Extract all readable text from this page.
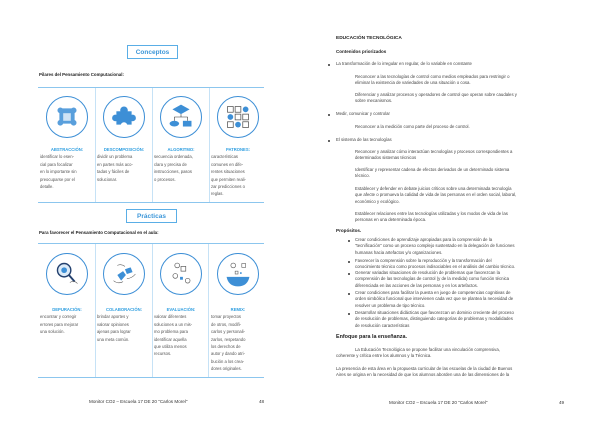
Conceptos
Pilares del Pensamiento Computacional:
ABSTRACCIÓN:
identificar lo esen-
cial para focalizar
en lo importante sin
preocuparse por el
detalle.
DESCOMPOSICIÓN:
dividir un problema
en partes más aco-
tadas y fáciles de
solucionar.
ALGORITMO:
secuencia ordenada,
clara y precisa de
instrucciones, pasos
o procesos.
PATRONES:
características
comunes en dife-
rentes situaciones
que permiten reali-
zar predicciones o
reglas.
Prácticas
Para favorecer el Pensamiento Computacional en el aula:
DEPURACIÓN:
encontrar y corregir
errores para mejorar
una solución.
COLABORACIÓN:
brindar aportes y
valorar opiniones
ajenas para lograr
una meta común.
EVALUACIÓN:
valorar diferentes
soluciones a un mis-
mo problema para
identificar aquella
que utiliza menos
recursos.
REMIX:
tomar proyectos
de otros, modifi-
carlos y personali-
zarlos, respetando
los derechos de
autor y dando atri-
bución a los crea-
dores originales.
Monitor CO2 – Escuela 17 DE 20 "Carlos Morel"	48
EDUCACIÓN TECNOLÓGICA
Contenidos priorizados
La transformación de lo irregular en regular, de lo variable en constante
Medir, comunicar y controlar
El sistema de las tecnologías
Reconocer a las tecnologías de control como medios empleados para restringir o
eliminar la existencia de variedades de una situación o cosa.
Diferenciar y analizar procesos y operadores de control que operan sobre caudales y
sobre mecanismos.
Reconocer a la medición como parte del proceso de control.
Reconocer y analizar cómo interactúan tecnologías y procesos correspondientes a
determinados sistemas técnicos
Identificar y representar cadena de efectos derivados de un determinado sistema
técnico.
Establecer y defender en debate juicios críticos sobre una determinada tecnología
que afecte o promueva la calidad de vida de las personas en el orden social, laboral,
económico y ecológico.
Establecer relaciones entre las tecnologías utilizadas y los modos de vida de las
personas en una determinada época.
Crear condiciones de aprendizaje apropiadas para la comprensión de la
"tecnificación" como un proceso complejo sustentado en la delegación de funciones
humanas hacia artefactos y/o organizaciones.
Favorecer la comprensión sobre la reproducción y la transformación del
conocimiento técnico como procesos indisociables en el análisis del cambio técnico.
Generar variadas situaciones de resolución de problemas que favorezcan la
comprensión de las tecnologías de control (y de la medida) como función técnica
diferenciada en las acciones de las personas y en los artefactos.
Crear condiciones para facilitar la puesta en juego de competencias cognitivas de
orden simbólico funcional que intervienen cada vez que se plantea la necesidad de
resolver un problema de tipo técnico.
Desarrollar situaciones didácticas que favorezcan un dominio creciente del proceso
de resolución de problemas, distinguiendo categorías de problemas y modalidades
de resolución características
La Educación Tecnológica se propone facilitar una vinculación comprensiva,
coherente y crítica entre los alumnos y la Técnica.
La presencia de esta área en la propuesta curricular de las escuelas de la ciudad de Buenos
Aires se origina en la necesidad de que los alumnos aborden una de las dimensiones de la
Propósitos.
Enfoque para la enseñanza.
Monitor CO2 – Escuela 17 DE 20 "Carlos Morel"	49
